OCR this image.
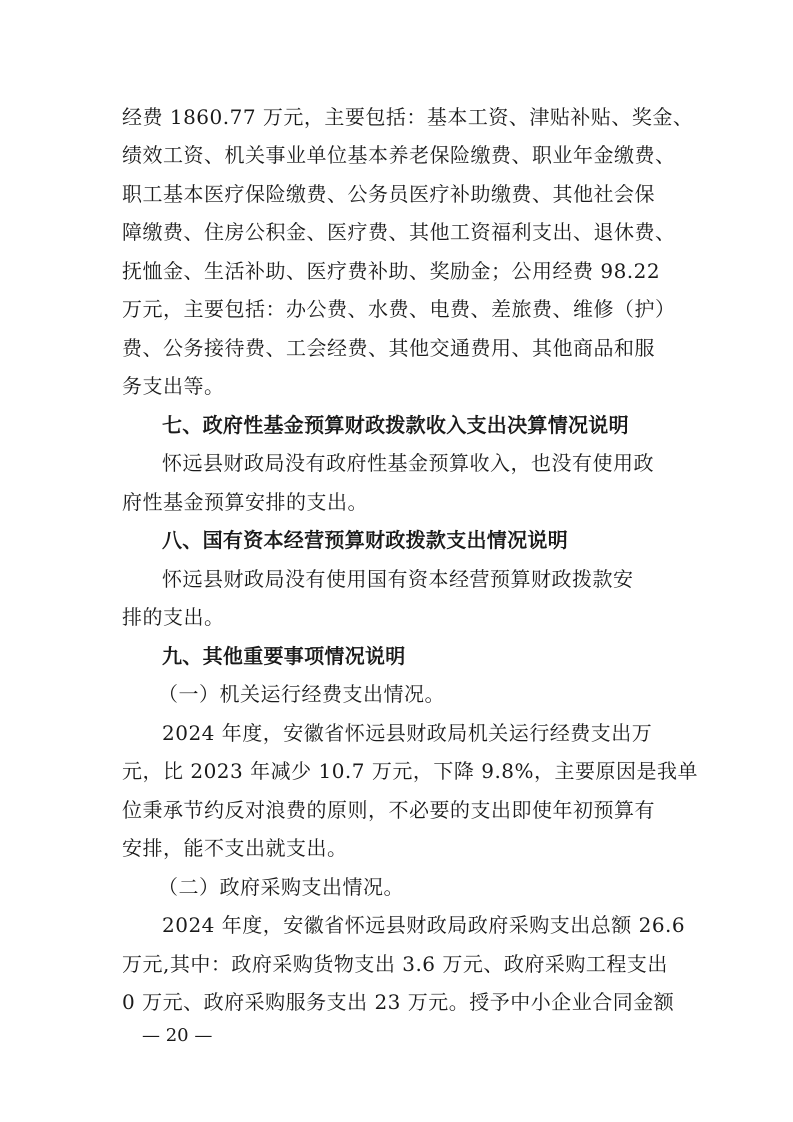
经费 1860.77 万元，主要包括：基本工资、津贴补贴、奖金、
绩效工资、机关事业单位基本养老保险缴费、职业年金缴费、
职工基本医疗保险缴费、公务员医疗补助缴费、其他社会保
障缴费、住房公积金、医疗费、其他工资福利支出、退休费、
抚恤金、生活补助、医疗费补助、奖励金；公用经费 98.22
万元，主要包括：办公费、水费、电费、差旅费、维修（护）
费、公务接待费、工会经费、其他交通费用、其他商品和服
务支出等。
七、政府性基金预算财政拨款收入支出决算情况说明
怀远县财政局没有政府性基金预算收入，也没有使用政
府性基金预算安排的支出。
八、国有资本经营预算财政拨款支出情况说明
怀远县财政局没有使用国有资本经营预算财政拨款安
排的支出。
九、其他重要事项情况说明
（一）机关运行经费支出情况。
2024 年度，安徽省怀远县财政局机关运行经费支出万
元，比 2023 年减少 10.7 万元，下降 9.8%，主要原因是我单
位秉承节约反对浪费的原则，不必要的支出即使年初预算有
安排，能不支出就支出。
（二）政府采购支出情况。
2024 年度，安徽省怀远县财政局政府采购支出总额 26.6
万元,其中：政府采购货物支出 3.6 万元、政府采购工程支出
0 万元、政府采购服务支出 23 万元。授予中小企业合同金额
— 20 —
